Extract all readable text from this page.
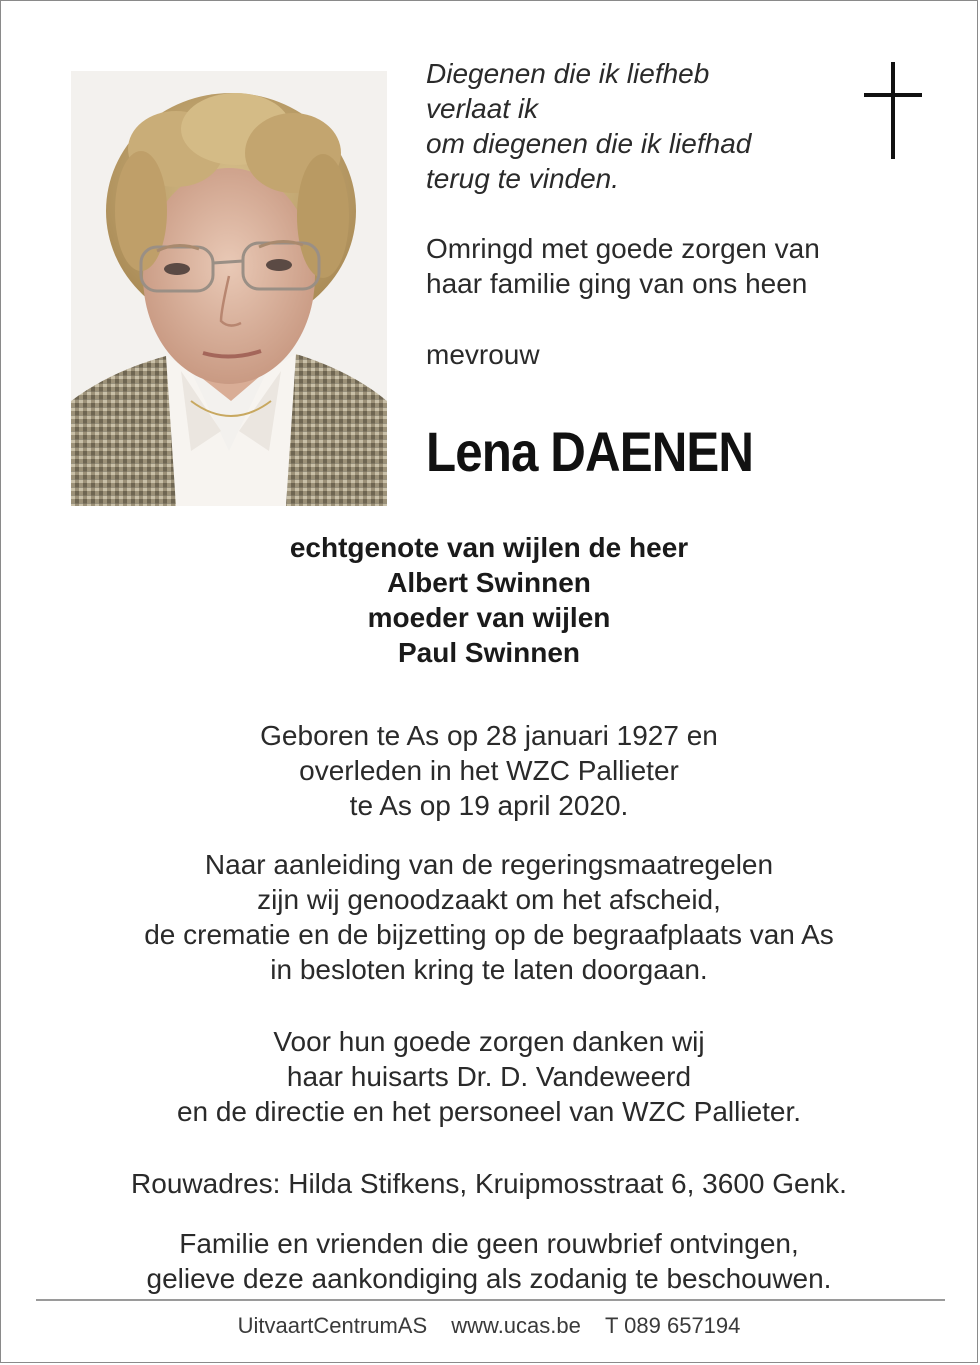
Diegenen die ik liefheb
verlaat ik
om diegenen die ik liefhad
terug te vinden.
Omringd met goede zorgen van
haar familie ging van ons heen
mevrouw
Lena DAENEN
echtgenote van wijlen de heer
Albert Swinnen
moeder van wijlen
Paul Swinnen
Geboren te As op 28 januari 1927 en
overleden in het WZC Pallieter
te As op 19 april 2020.
Naar aanleiding van de regeringsmaatregelen
zijn wij genoodzaakt om het afscheid,
de crematie en de bijzetting op de begraafplaats van As
in besloten kring te laten doorgaan.
Voor hun goede zorgen danken wij
haar huisarts Dr. D. Vandeweerd
en de directie en het personeel van WZC Pallieter.
Rouwadres: Hilda Stifkens, Kruipmosstraat 6, 3600 Genk.
Familie en vrienden die geen rouwbrief ontvingen,
gelieve deze aankondiging als zodanig te beschouwen.
UitvaartCentrumAS www.ucas.be T 089 657194
